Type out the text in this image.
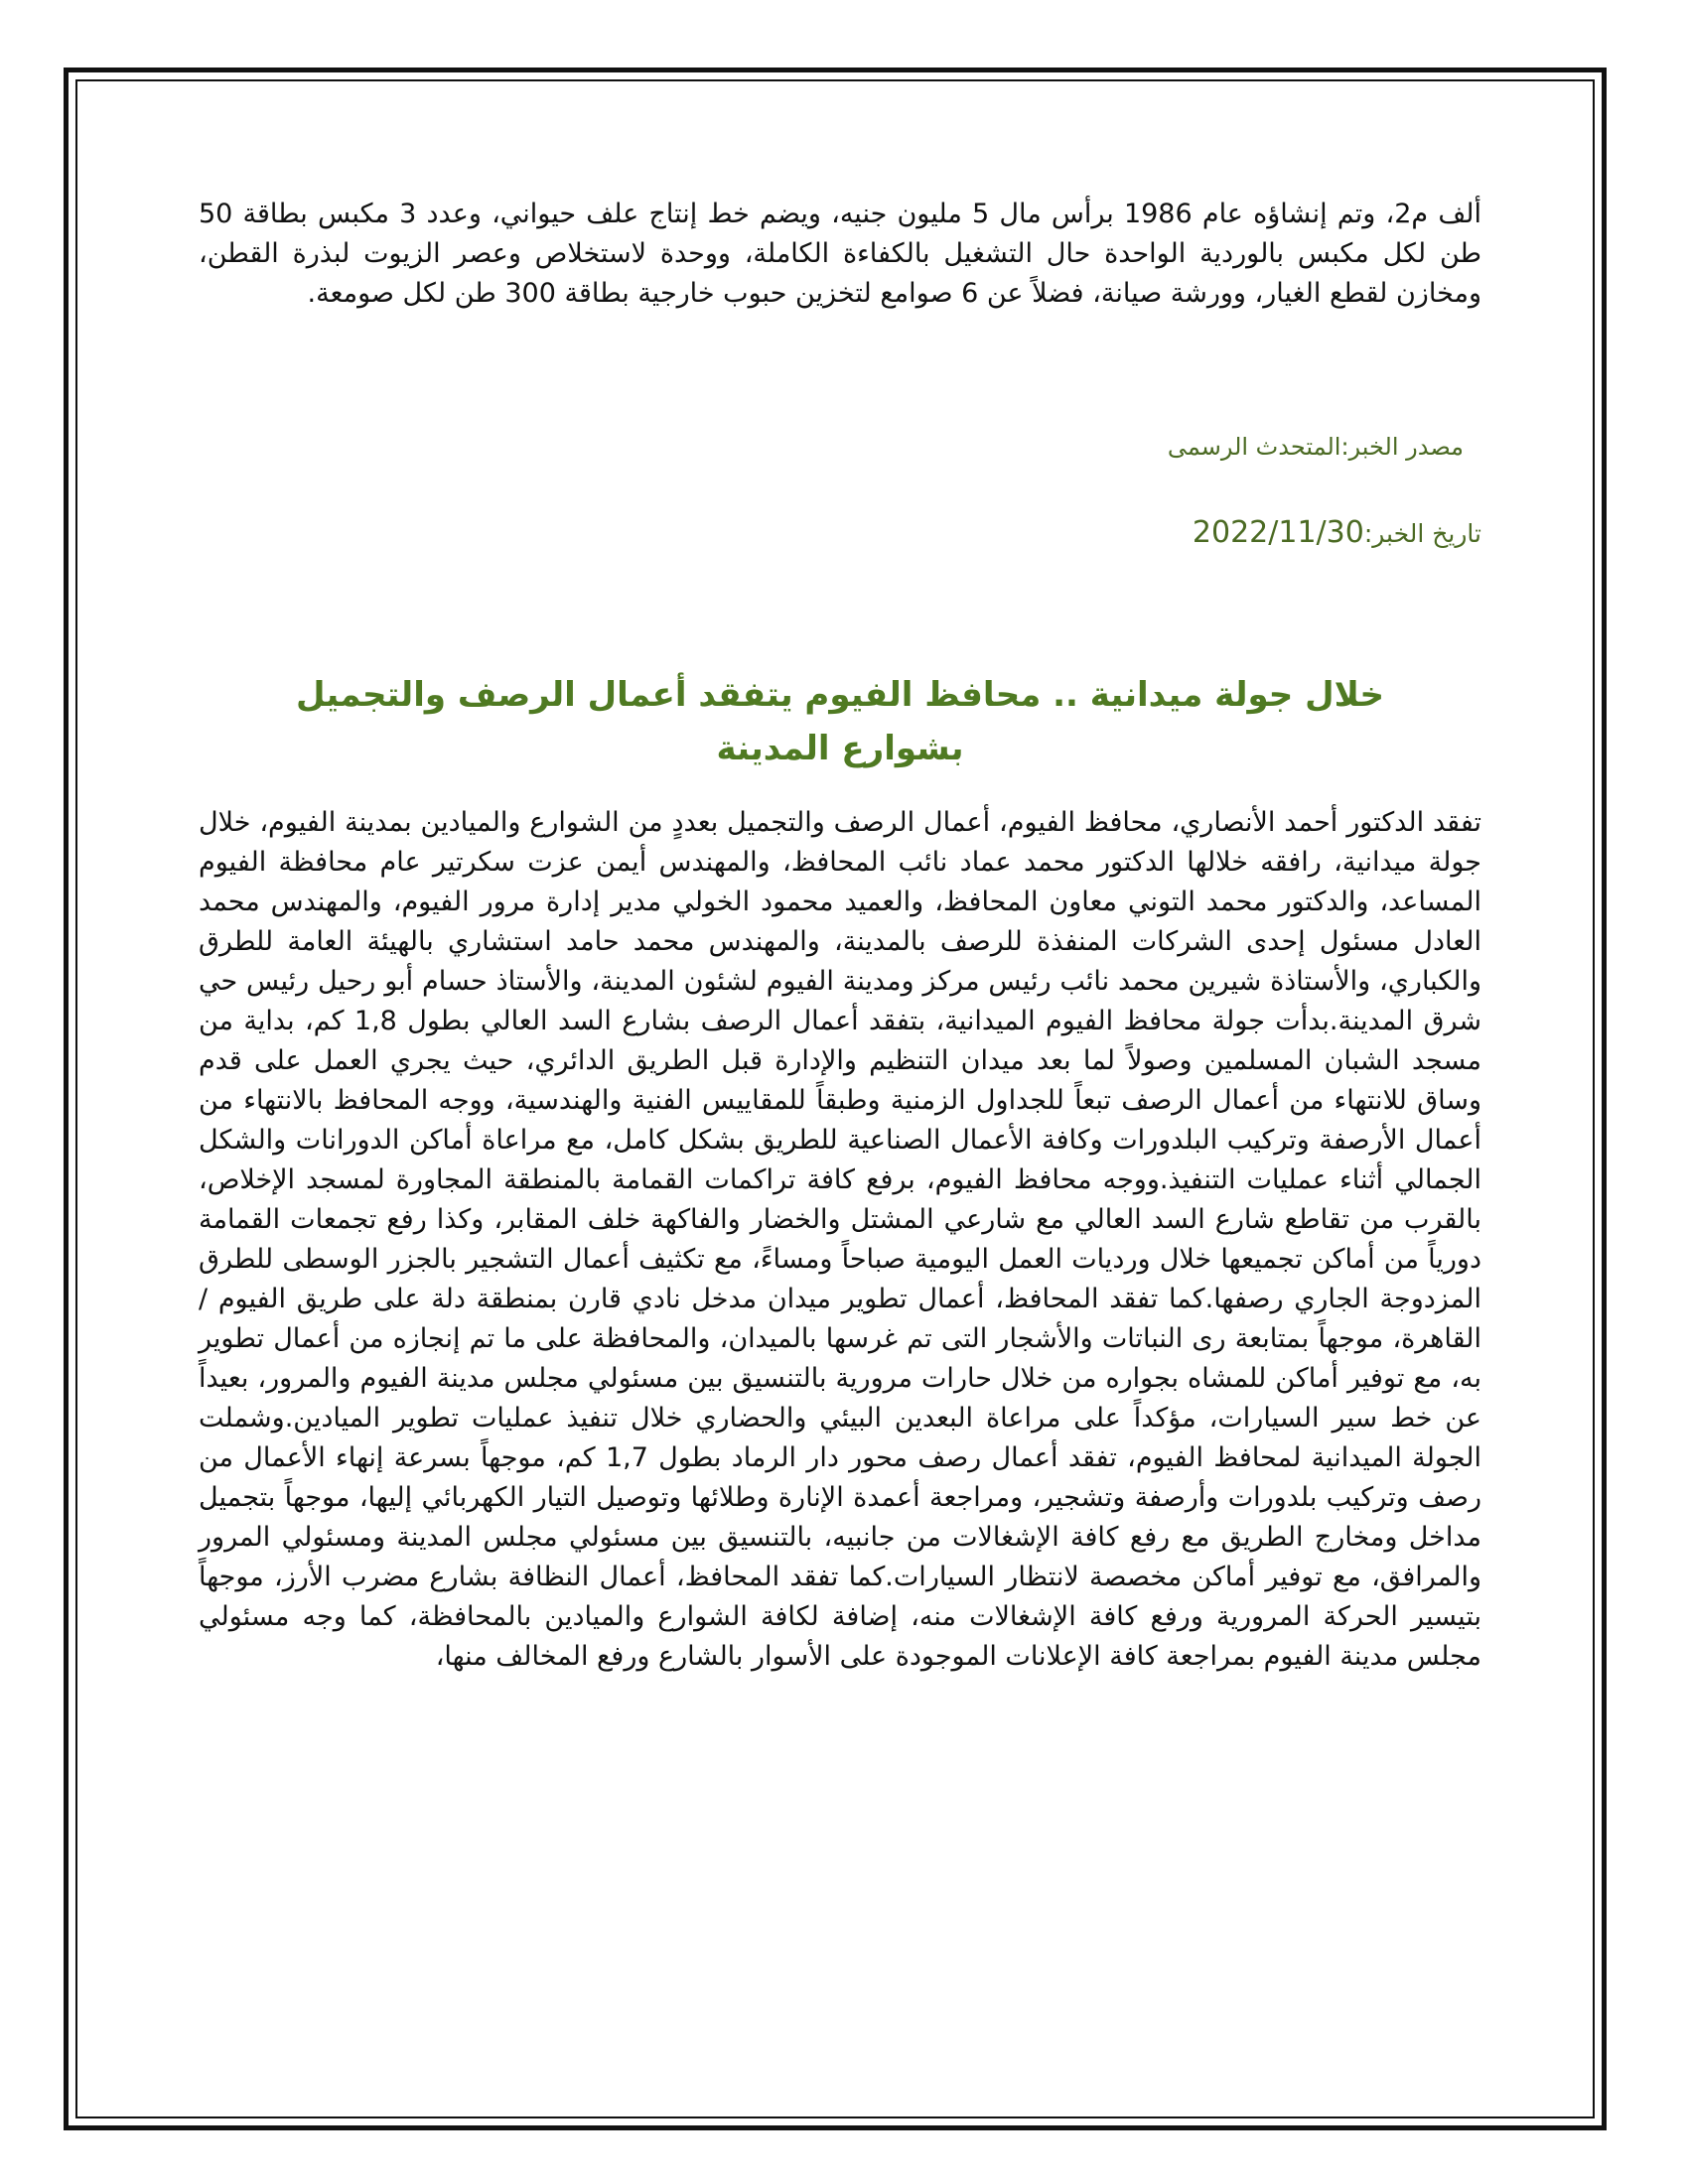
ألف م2، وتم إنشاؤه عام 1986 برأس مال 5 مليون جنيه، ويضم خط إنتاج علف حيواني، وعدد 3 مكبس بطاقة 50 طن لكل مكبس بالوردية الواحدة حال التشغيل بالكفاءة الكاملة، ووحدة لاستخلاص وعصر الزيوت لبذرة القطن، ومخازن لقطع الغيار، وورشة صيانة، فضلاً عن 6 صوامع لتخزين حبوب خارجية بطاقة 300 طن لكل صومعة.

مصدر الخبر:المتحدث الرسمى

تاريخ الخبر:2022/11/30

خلال جولة ميدانية .. محافظ الفيوم يتفقد أعمال الرصف والتجميل بشوارع المدينة

تفقد الدكتور أحمد الأنصاري، محافظ الفيوم، أعمال الرصف والتجميل بعددٍ من الشوارع والميادين بمدينة الفيوم، خلال جولة ميدانية، رافقه خلالها الدكتور محمد عماد نائب المحافظ، والمهندس أيمن عزت سكرتير عام محافظة الفيوم المساعد، والدكتور محمد التوني معاون المحافظ، والعميد محمود الخولي مدير إدارة مرور الفيوم، والمهندس محمد العادل مسئول إحدى الشركات المنفذة للرصف بالمدينة، والمهندس محمد حامد استشاري بالهيئة العامة للطرق والكباري، والأستاذة شيرين محمد نائب رئيس مركز ومدينة الفيوم لشئون المدينة، والأستاذ حسام أبو رحيل رئيس حي شرق المدينة.بدأت جولة محافظ الفيوم الميدانية، بتفقد أعمال الرصف بشارع السد العالي بطول 1,8 كم، بداية من مسجد الشبان المسلمين وصولاً لما بعد ميدان التنظيم والإدارة قبل الطريق الدائري، حيث يجري العمل على قدم وساق للانتهاء من أعمال الرصف تبعاً للجداول الزمنية وطبقاً للمقاييس الفنية والهندسية، ووجه المحافظ بالانتهاء من أعمال الأرصفة وتركيب البلدورات وكافة الأعمال الصناعية للطريق بشكل كامل، مع مراعاة أماكن الدورانات والشكل الجمالي أثناء عمليات التنفيذ.ووجه محافظ الفيوم، برفع كافة تراكمات القمامة بالمنطقة المجاورة لمسجد الإخلاص، بالقرب من تقاطع شارع السد العالي مع شارعي المشتل والخضار والفاكهة خلف المقابر، وكذا رفع تجمعات القمامة دورياً من أماكن تجميعها خلال ورديات العمل اليومية صباحاً ومساءً، مع تكثيف أعمال التشجير بالجزر الوسطى للطرق المزدوجة الجاري رصفها.كما تفقد المحافظ، أعمال تطوير ميدان مدخل نادي قارن بمنطقة دلة على طريق الفيوم / القاهرة، موجهاً بمتابعة رى النباتات والأشجار التى تم غرسها بالميدان، والمحافظة على ما تم إنجازه من أعمال تطوير به، مع توفير أماكن للمشاه بجواره من خلال حارات مرورية بالتنسيق بين مسئولي مجلس مدينة الفيوم والمرور، بعيداً عن خط سير السيارات، مؤكداً على مراعاة البعدين البيئي والحضاري خلال تنفيذ عمليات تطوير الميادين.وشملت الجولة الميدانية لمحافظ الفيوم، تفقد أعمال رصف محور دار الرماد بطول 1,7 كم، موجهاً بسرعة إنهاء الأعمال من رصف وتركيب بلدورات وأرصفة وتشجير، ومراجعة أعمدة الإنارة وطلائها وتوصيل التيار الكهربائي إليها، موجهاً بتجميل مداخل ومخارج الطريق مع رفع كافة الإشغالات من جانبيه، بالتنسيق بين مسئولي مجلس المدينة ومسئولي المرور والمرافق، مع توفير أماكن مخصصة لانتظار السيارات.كما تفقد المحافظ، أعمال النظافة بشارع مضرب الأرز، موجهاً بتيسير الحركة المرورية ورفع كافة الإشغالات منه، إضافة لكافة الشوارع والميادين بالمحافظة، كما وجه مسئولي مجلس مدينة الفيوم بمراجعة كافة الإعلانات الموجودة على الأسوار بالشارع ورفع المخالف منها،
